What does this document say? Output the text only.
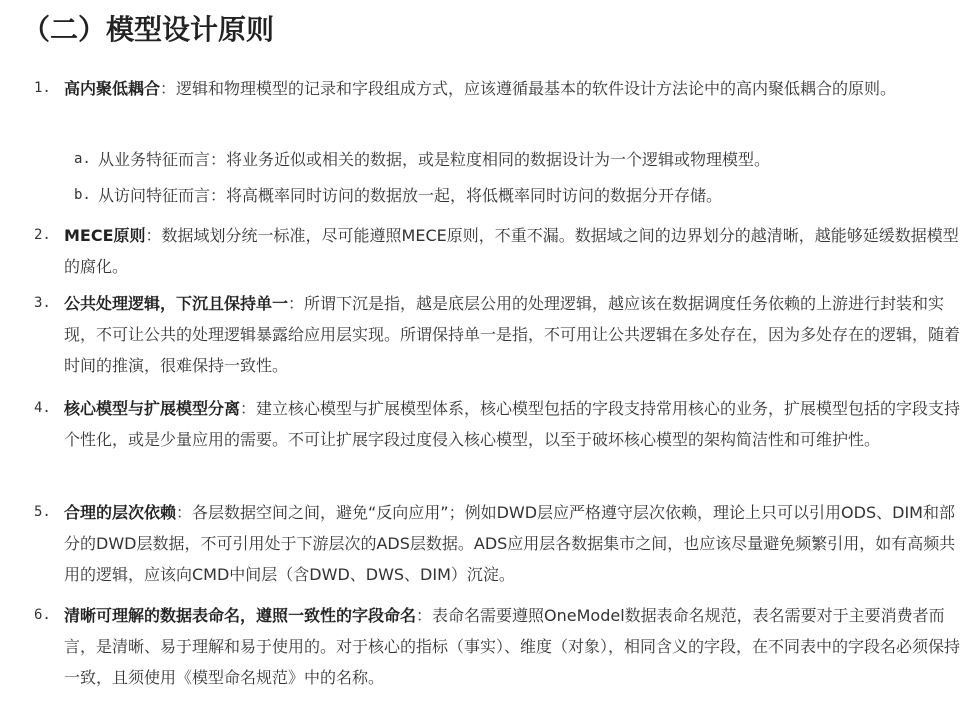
（二）模型设计原则
1. 高内聚低耦合：逻辑和物理模型的记录和字段组成方式，应该遵循最基本的软件设计方法论中的高内聚低耦合的原则。
a. 从业务特征而言：将业务近似或相关的数据，或是粒度相同的数据设计为一个逻辑或物理模型。
b. 从访问特征而言：将高概率同时访问的数据放一起，将低概率同时访问的数据分开存储。
2. MECE原则：数据域划分统一标准，尽可能遵照MECE原则，不重不漏。数据域之间的边界划分的越清晰，越能够延缓数据模型的腐化。
3. 公共处理逻辑，下沉且保持单一：所谓下沉是指，越是底层公用的处理逻辑，越应该在数据调度任务依赖的上游进行封装和实现，不可让公共的处理逻辑暴露给应用层实现。所谓保持单一是指，不可用让公共逻辑在多处存在，因为多处存在的逻辑，随着时间的推演，很难保持一致性。
4. 核心模型与扩展模型分离：建立核心模型与扩展模型体系，核心模型包括的字段支持常用核心的业务，扩展模型包括的字段支持个性化，或是少量应用的需要。不可让扩展字段过度侵入核心模型，以至于破坏核心模型的架构简洁性和可维护性。
5. 合理的层次依赖：各层数据空间之间，避免“反向应用”；例如DWD层应严格遵守层次依赖，理论上只可以引用ODS、DIM和部分的DWD层数据，不可引用处于下游层次的ADS层数据。ADS应用层各数据集市之间，也应该尽量避免频繁引用，如有高频共用的逻辑，应该向CMD中间层（含DWD、DWS、DIM）沉淀。
6. 清晰可理解的数据表命名，遵照一致性的字段命名：表命名需要遵照OneModel数据表命名规范，表名需要对于主要消费者而言，是清晰、易于理解和易于使用的。对于核心的指标（事实）、维度（对象），相同含义的字段，在不同表中的字段名必须保持一致，且须使用《模型命名规范》中的名称。
